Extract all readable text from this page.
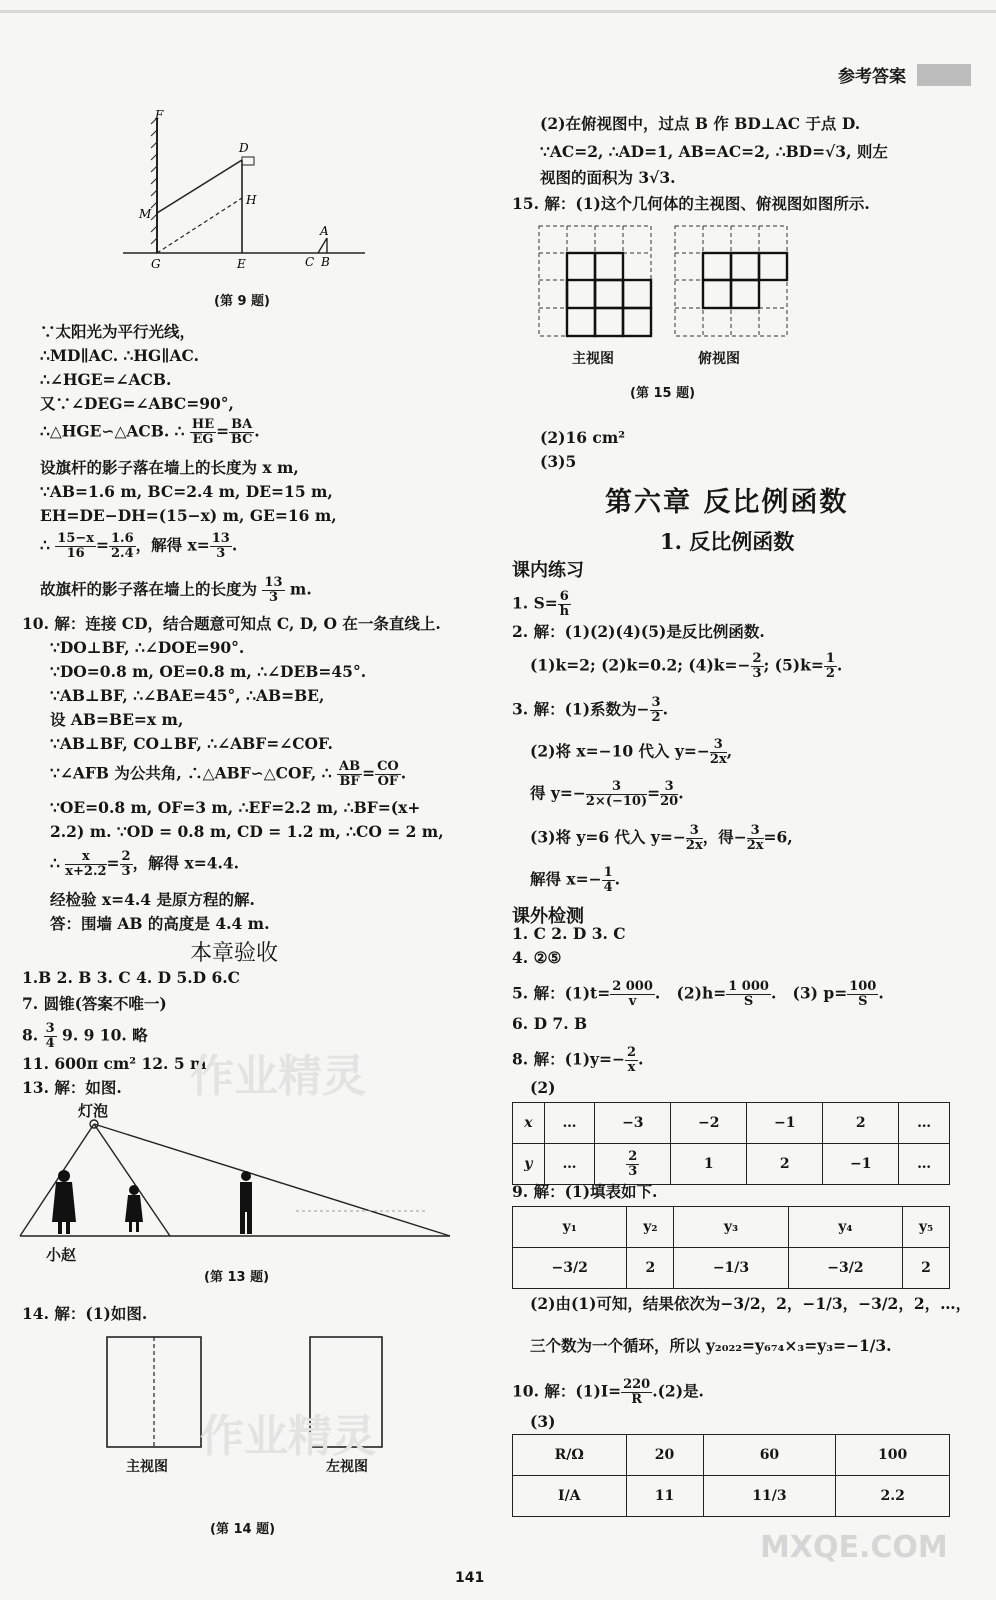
参考答案
F
D
H
M
G	E	C B
A
(第 9 题)
∵太阳光为平行光线，
∴MD∥AC. ∴HG∥AC.
∴∠HGE=∠ACB.
又∵∠DEG=∠ABC=90°,
∴△HGE∽△ACB. ∴ $\frac{HE}{EG} = \frac{BA}{BC}$ .
设旗杆的影子落在墙上的长度为 x m,
∵AB=1.6 m, BC=2.4 m, DE=15 m,
EH=DE−DH=(15−x) m, GE=16 m,
∴ $\frac{15-x}{16} = \frac{1.6}{2.4}$ ，解得 $x= \frac{13}{3}$ .
故旗杆的影子落在墙上的长度为 $\frac{13}{3} m$.
10. 解：连接 CD，结合题意可知点 C, D, O 在一条直线上.
∵DO⊥BF, ∴∠DOE=90°.
∵DO=0.8 m, OE=0.8 m, ∴∠DEB=45°.
∵AB⊥BF, ∴∠BAE=45°, ∴AB=BE,
设 AB=BE=x m,
∵AB⊥BF, CO⊥BF, ∴∠ABF=∠COF.
∵∠AFB 为公共角, ∴△ABF∽△COF, ∴ $\frac{AB}{BF} = \frac{CO}{OF}$ .
∵OE=0.8 m, OF=3 m, ∴EF=2.2 m, ∴BF=(x+
2.2) m. ∵OD = 0.8 m, CD = 1.2 m, ∴CO = 2 m,
∴ $\frac{x}{x+2.2} = \frac{2}{3}$ ，解得 x=4.4.
经检验 x=4.4 是原方程的解.
答：围墙 AB 的高度是 4.4 m.
本章验收
1.B 2. B 3. C 4. D 5.D 6.C
7. 圆锥(答案不唯一)
8. $\frac{3}{4} 9$. 9 10. 略
11. 600π cm² 12. 5 m
13. 解：如图. 作业精灵
灯泡
小赵
(第 13 题)
14. 解：(1)如图.
主视图	左视图
(第 14 题)
作业精灵
(2)在俯视图中，过点 B 作 BD⊥AC 于点 D.
∵AC=2, ∴AD=1, AB=AC=2, ∴BD=√3, 则左
视图的面积为 3√3.
15. 解：(1)这个几何体的主视图、俯视图如图所示.
主视图	俯视图
(第 15 题)
(2)16 cm²
(3)5
第六章 反比例函数
1. 反比例函数
课内练习
1. $S= \frac{6}{h}$
2. 解：(1)(2)(4)(5)是反比例函数.
(1)k=2; (2)k=0.2; $(4)k=- \frac{2}{3}$ ; $(5)k= \frac{1}{2}$ .
3. 解：(1)系数为− $\frac{3}{2}$ .
(2)将 x=−10 代入 $y=- \frac{3}{2x}$ ,
得 $y=- \frac{3}{2\times(-10)} = \frac{3}{20}$ .
(3)将 y=6 代入 $y=- \frac{3}{2x}$ ，得− $\frac{3}{2x} =6$,
解得 $x=- \frac{1}{4}$ .
课外检测
1. C 2. D 3. C
4. ②⑤
5. 解：$(1)t= \frac{2 000}{v}$ .   $(2)h= \frac{1 000}{S}$ .   (3) $p= \frac{100}{S}$ .
6. D 7. B
8. 解：$(1)y=- \frac{2}{x}$ .
(2)
x	…	−3	−2	−1	2	…
y	…	$\frac{2}{3}$	1	2	−1	…
9. 解：(1)填表如下.
y₁	y₂	y₃	y₄	y₅
−3/2	2	−1/3	−3/2	2
(2)由(1)可知，结果依次为−3/2，2，−1/3，−3/2，2，…，
三个数为一个循环，所以 y₂₀₂₂=y₆₇₄×₃=y₃=−1/3.
10. 解：$(1)I= \frac{220}{R} .(2)$是.
(3)
R/Ω	20	60	100
I/A	11	11/3	2.2
MXQE.COM
141
